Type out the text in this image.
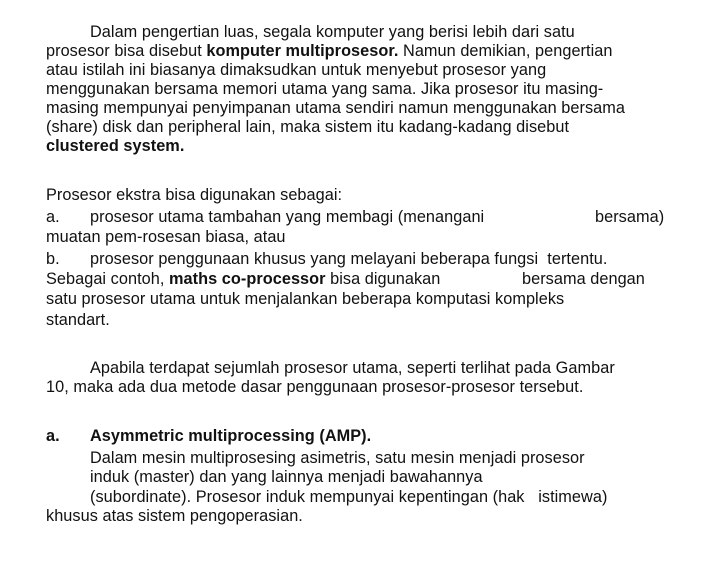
Dalam pengertian luas, segala komputer yang berisi lebih dari satu
prosesor bisa disebut komputer multiprosesor. Namun demikian, pengertian
atau istilah ini biasanya dimaksudkan untuk menyebut prosesor yang
menggunakan bersama memori utama yang sama. Jika prosesor itu masing-
masing mempunyai penyimpanan utama sendiri namun menggunakan bersama
(share) disk dan peripheral lain, maka sistem itu kadang-kadang disebut
clustered system.
Prosesor ekstra bisa digunakan sebagai:
a. prosesor utama tambahan yang membagi (menangani	bersama)
muatan pem-rosesan biasa, atau
b. prosesor penggunaan khusus yang melayani beberapa fungsi  tertentu.
Sebagai contoh, maths co-processor bisa digunakan	bersama dengan
satu prosesor utama untuk menjalankan beberapa komputasi kompleks
standart.
Apabila terdapat sejumlah prosesor utama, seperti terlihat pada Gambar
10, maka ada dua metode dasar penggunaan prosesor-prosesor tersebut.
a. Asymmetric multiprocessing (AMP).
Dalam mesin multiprosesing asimetris, satu mesin menjadi prosesor
induk (master) dan yang lainnya menjadi bawahannya
(subordinate). Prosesor induk mempunyai kepentingan (hak   istimewa)
khusus atas sistem pengoperasian.
